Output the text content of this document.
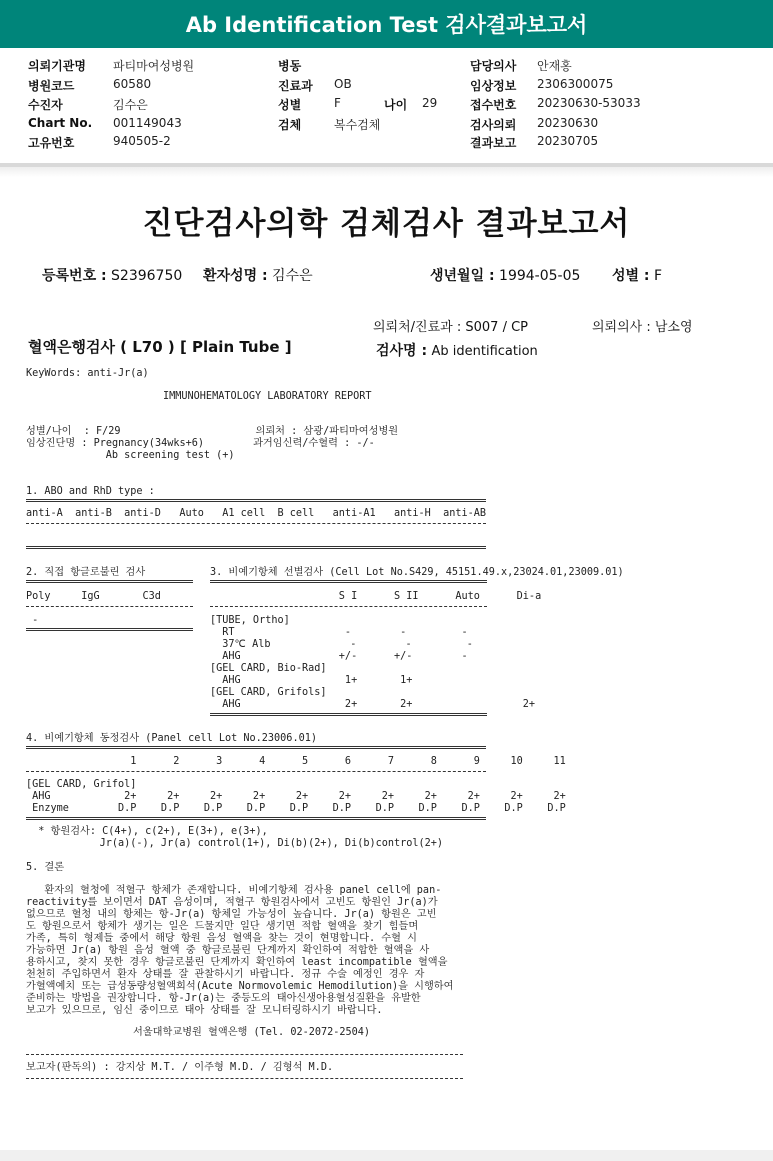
Ab Identification Test 검사결과보고서
의뢰기관명 파티마여성병원
병원코드	60580
수진자	김수은
Chart No. 001149043
고유번호	940505-2
병동
진료과 OB
성별	F	나이 29
검체	복수검체
담당의사 안재홍
임상정보 2306300075
접수번호 20230630-53033
검사의뢰 20230630
결과보고 20230705
진단검사의학 검체검사 결과보고서
등록번호 : S2396750 환자성명 : 김수은	생년월일 : 1994-05-05 성별 : F
의뢰처/진료과 : S007 / CP	의뢰의사 : 남소영
혈액은행검사 ( L70 ) [ Plain Tube ]	검사명 : Ab identification
KeyWords: anti-Jr(a)
IMMUNOHEMATOLOGY LABORATORY REPORT
성별/나이  : F/29                      의뢰처 : 삼광/파티마여성병원
임상진단명 : Pregnancy(34wks+6)        과거임신력/수혈력 : -/-
Ab screening test (+)
1. ABO and RhD type :
anti-A  anti-B  anti-D   Auto   A1 cell  B cell   anti-A1   anti-H  anti-AB
2. 직접 항글로불린 검사
Poly     IgG       C3d
-
3. 비예기항체 선별검사 (Cell Lot No.S429, 45151.49.x,23024.01,23009.01)
S I      S II      Auto      Di-a
[TUBE, Ortho]
RT                  -        -         -
37℃ Alb             -        -         -
AHG                +/-      +/-        -
[GEL CARD, Bio-Rad]
AHG                 1+       1+
[GEL CARD, Grifols]
AHG                 2+       2+                  2+
4. 비예기항체 동정검사 (Panel cell Lot No.23006.01)
1      2      3      4      5      6      7      8      9     10     11
[GEL CARD, Grifol]
AHG            2+     2+     2+     2+     2+     2+     2+     2+     2+     2+     2+
Enzyme        D.P    D.P    D.P    D.P    D.P    D.P    D.P    D.P    D.P    D.P    D.P
* 항원검사: C(4+), c(2+), E(3+), e(3+),
Jr(a)(-), Jr(a) control(1+), Di(b)(2+), Di(b)control(2+)
5. 결론
환자의 혈청에 적혈구 항체가 존재합니다. 비예기항체 검사용 panel cell에 pan-
reactivity를 보이면서 DAT 음성이며, 적혈구 항원검사에서 고빈도 항원인 Jr(a)가
없으므로 혈청 내의 항체는 항-Jr(a) 항체일 가능성이 높습니다. Jr(a) 항원은 고빈
도 항원으로서 항체가 생기는 일은 드물지만 일단 생기면 적합 혈액을 찾기 힘들며
가족, 특히 형제들 중에서 해당 항원 음성 혈액을 찾는 것이 현명합니다. 수혈 시
가능하면 Jr(a) 항원 음성 혈액 중 항글로불린 단계까지 확인하여 적합한 혈액을 사
용하시고, 찾지 못한 경우 항글로불린 단계까지 확인하여 least incompatible 혈액을
천천히 주입하면서 환자 상태를 잘 관찰하시기 바랍니다. 정규 수술 예정인 경우 자
가혈액예치 또는 급성동량성혈액희석(Acute Normovolemic Hemodilution)을 시행하여
준비하는 방법을 권장합니다. 항-Jr(a)는 중등도의 태아신생아용혈성질환을 유발한
보고가 있으므로, 임신 중이므로 태아 상태를 잘 모니터링하시기 바랍니다.
서울대학교병원 혈액은행 (Tel. 02-2072-2504)
보고자(판독의) : 강지상 M.T. / 이주형 M.D. / 김형석 M.D.
